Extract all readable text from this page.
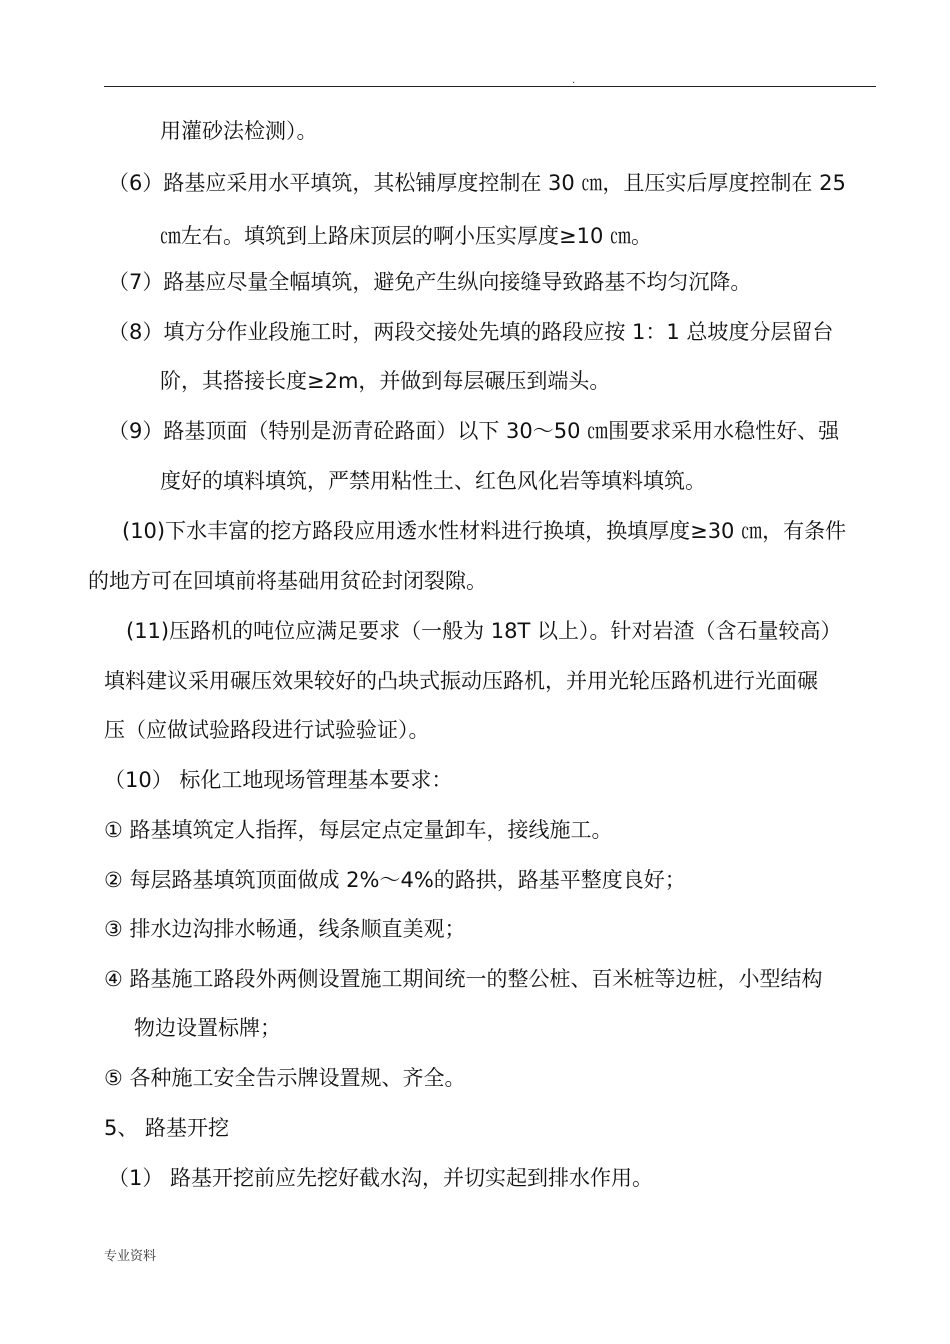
.
用灌砂法检测）。
（6）路基应采用水平填筑，其松铺厚度控制在 30 ㎝，且压实后厚度控制在 25
㎝左右。填筑到上路床顶层的啊小压实厚度≥10 ㎝。
（7）路基应尽量全幅填筑，避免产生纵向接缝导致路基不均匀沉降。
（8）填方分作业段施工时，两段交接处先填的路段应按 1：1 总坡度分层留台
阶，其搭接长度≥2m，并做到每层碾压到端头。
（9）路基顶面（特别是沥青砼路面）以下 30～50 ㎝围要求采用水稳性好、强
度好的填料填筑，严禁用粘性土、红色风化岩等填料填筑。
(10)下水丰富的挖方路段应用透水性材料进行换填，换填厚度≥30 ㎝，有条件
的地方可在回填前将基础用贫砼封闭裂隙。
(11)压路机的吨位应满足要求（一般为 18T 以上）。针对岩渣（含石量较高）
填料建议采用碾压效果较好的凸块式振动压路机，并用光轮压路机进行光面碾
压（应做试验路段进行试验验证）。
（10） 标化工地现场管理基本要求：
① 路基填筑定人指挥，每层定点定量卸车，接线施工。
② 每层路基填筑顶面做成 2%～4%的路拱，路基平整度良好；
③ 排水边沟排水畅通，线条顺直美观；
④ 路基施工路段外两侧设置施工期间统一的整公桩、百米桩等边桩，小型结构
物边设置标牌；
⑤ 各种施工安全告示牌设置规、齐全。
5、 路基开挖
（1） 路基开挖前应先挖好截水沟，并切实起到排水作用。
专业资料
